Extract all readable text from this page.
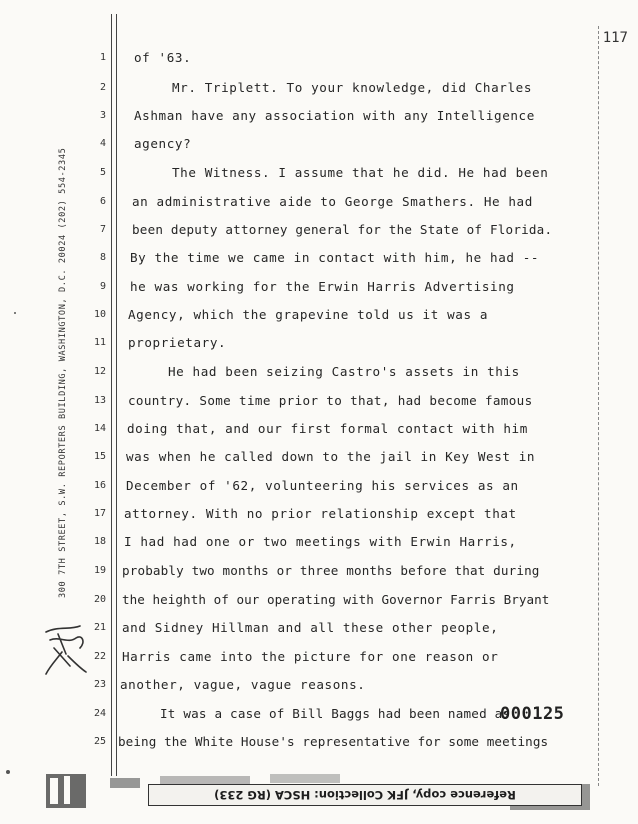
117
300 7TH STREET, S.W. REPORTERS BUILDING, WASHINGTON, D.C. 20024 (202) 554-2345
1
2
3
4
5
6
7
8
9
10
11
12
13
14
15
16
17
18
19
20
21
22
23
24
25
of '63.
Mr. Triplett. To your knowledge, did Charles
Ashman have any association with any Intelligence
agency?
The Witness. I assume that he did. He had been
an administrative aide to George Smathers. He had
been deputy attorney general for the State of Florida.
By the time we came in contact with him, he had --
he was working for the Erwin Harris Advertising
Agency, which the grapevine told us it was a
proprietary.
He had been seizing Castro's assets in this
country. Some time prior to that, had become famous
doing that, and our first formal contact with him
was when he called down to the jail in Key West in
December of '62, volunteering his services as an
attorney. With no prior relationship except that
I had had one or two meetings with Erwin Harris,
probably two months or three months before that during
the heighth of our operating with Governor Farris Bryant
and Sidney Hillman and all these other people,
Harris came into the picture for one reason or
another, vague, vague reasons.
It was a case of Bill Baggs had been named as
being the White House's representative for some meetings
000125
Reference copy, JFK Collection: HSCA (RG 233)
